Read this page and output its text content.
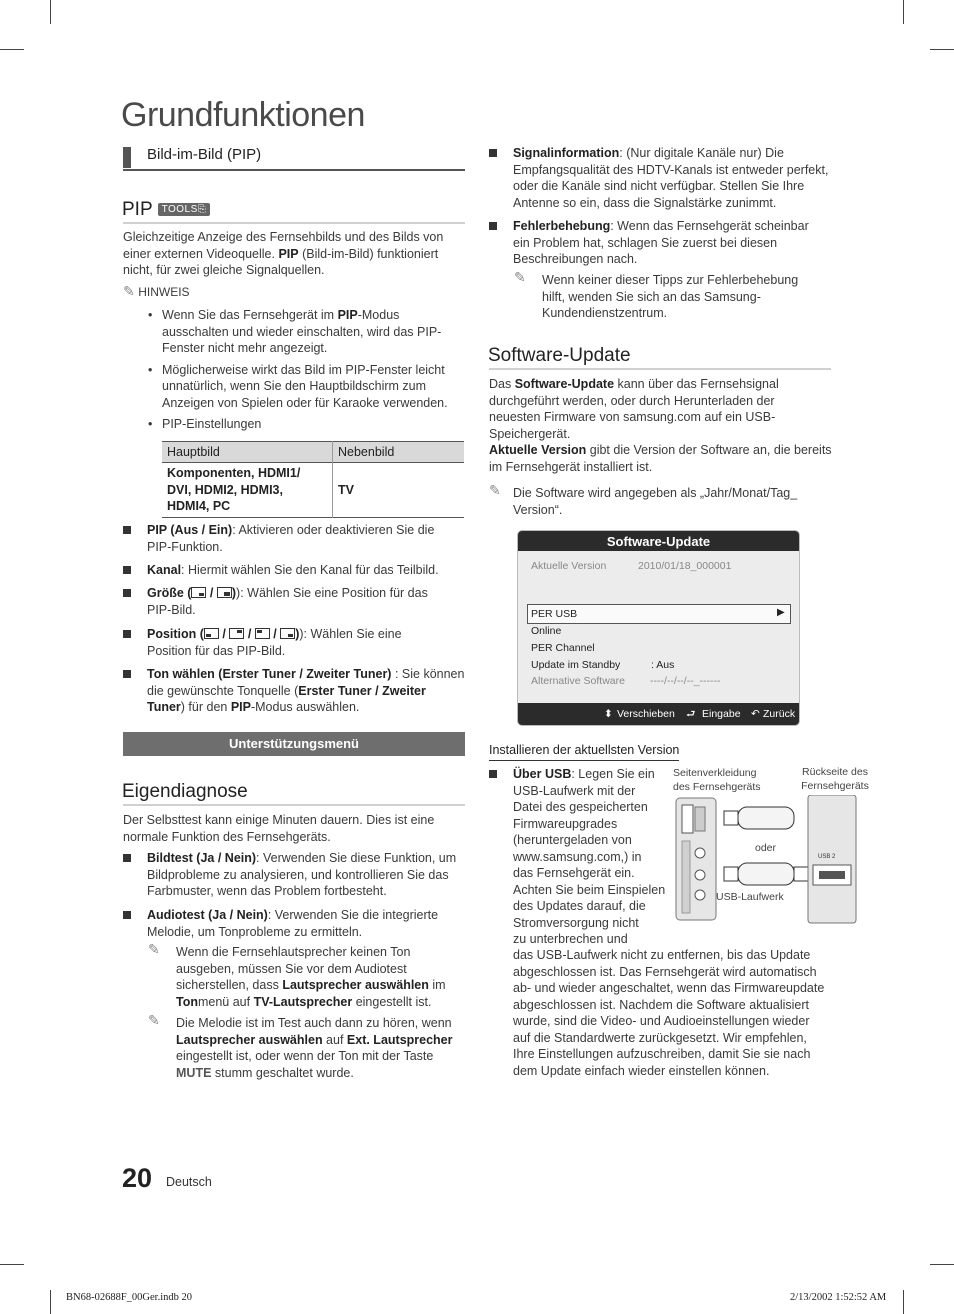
Grundfunktionen
Bild-im-Bild (PIP)
PIP TOOLS⎘
Gleichzeitige Anzeige des Fernsehbilds und des Bilds von
einer externen Videoquelle. PIP (Bild-im-Bild) funktioniert
nicht, für zwei gleiche Signalquellen.
✎ HINWEIS
• Wenn Sie das Fernsehgerät im PIP-Modus
ausschalten und wieder einschalten, wird das PIP-
Fenster nicht mehr angezeigt.
• Möglicherweise wirkt das Bild im PIP-Fenster leicht
unnatürlich, wenn Sie den Hauptbildschirm zum
Anzeigen von Spielen oder für Karaoke verwenden.
• PIP-Einstellungen
Hauptbild	Nebenbild

Komponenten, HDMI1/
DVI, HDMI2, HDMI3,
HDMI4, PC	TV
PIP (Aus / Ein): Aktivieren oder deaktivieren Sie die
PIP-Funktion.
Kanal: Hiermit wählen Sie den Kanal für das Teilbild.
Größe (
/
)): Wählen Sie eine Position für das
PIP-Bild.
Position (
/
/
/
)): Wählen Sie eine
Position für das PIP-Bild.
Ton wählen (Erster Tuner / Zweiter Tuner) : Sie können
die gewünschte Tonquelle (Erster Tuner / Zweiter
Tuner) für den PIP-Modus auswählen.
Unterstützungsmenü
Eigendiagnose
Der Selbsttest kann einige Minuten dauern. Dies ist eine
normale Funktion des Fernsehgeräts.
Bildtest (Ja / Nein): Verwenden Sie diese Funktion, um
Bildprobleme zu analysieren, und kontrollieren Sie das
Farbmuster, wenn das Problem fortbesteht.
Audiotest (Ja / Nein): Verwenden Sie die integrierte
Melodie, um Tonprobleme zu ermitteln.
✎ Wenn die Fernsehlautsprecher keinen Ton
ausgeben, müssen Sie vor dem Audiotest
sicherstellen, dass Lautsprecher auswählen im
Tonmenü auf TV-Lautsprecher eingestellt ist.
✎ Die Melodie ist im Test auch dann zu hören, wenn
Lautsprecher auswählen auf Ext. Lautsprecher
eingestellt ist, oder wenn der Ton mit der Taste
MUTE stumm geschaltet wurde.
Signalinformation: (Nur digitale Kanäle nur) Die
Empfangsqualität des HDTV-Kanals ist entweder perfekt,
oder die Kanäle sind nicht verfügbar. Stellen Sie Ihre
Antenne so ein, dass die Signalstärke zunimmt.
Fehlerbehebung: Wenn das Fernsehgerät scheinbar
ein Problem hat, schlagen Sie zuerst bei diesen
Beschreibungen nach.
✎ Wenn keiner dieser Tipps zur Fehlerbehebung
hilft, wenden Sie sich an das Samsung-
Kundendienstzentrum.
Software-Update
Das Software-Update kann über das Fernsehsignal
durchgeführt werden, oder durch Herunterladen der
neuesten Firmware von samsung.com auf ein USB-
Speichergerät.
Aktuelle Version gibt die Version der Software an, die bereits
im Fernsehgerät installiert ist.
✎ Die Software wird angegeben als „Jahr/Monat/Tag_
Version“.
Software-Update
Aktuelle Version	2010/01/18_000001
PER USB	▶
Online
PER Channel
Update im Standby	: Aus
Alternative Software ----/--/--/--_------
⬍ Verschieben ⮐ Eingabe ↶ Zurück
Installieren der aktuellsten Version
Über USB: Legen Sie ein
USB-Laufwerk mit der
Datei des gespeicherten
Firmwareupgrades
(heruntergeladen von
www.samsung.com,) in
das Fernsehgerät ein.
Achten Sie beim Einspielen
des Updates darauf, die
Stromversorgung nicht
zu unterbrechen und
das USB-Laufwerk nicht zu entfernen, bis das Update
abgeschlossen ist. Das Fernsehgerät wird automatisch
ab- und wieder angeschaltet, wenn das Firmwareupdate
abgeschlossen ist. Nachdem die Software aktualisiert
wurde, sind die Video- und Audioeinstellungen wieder
auf die Standardwerte zurückgesetzt. Wir empfehlen,
Ihre Einstellungen aufzuschreiben, damit Sie sie nach
dem Update einfach wieder einstellen können.
Seitenverkleidung
des Fernsehgeräts
Rückseite des
Fernsehgeräts
oder
USB-Laufwerk
USB 2
20 Deutsch
BN68-02688F_00Ger.indb 20	2/13/2002 1:52:52 AM
